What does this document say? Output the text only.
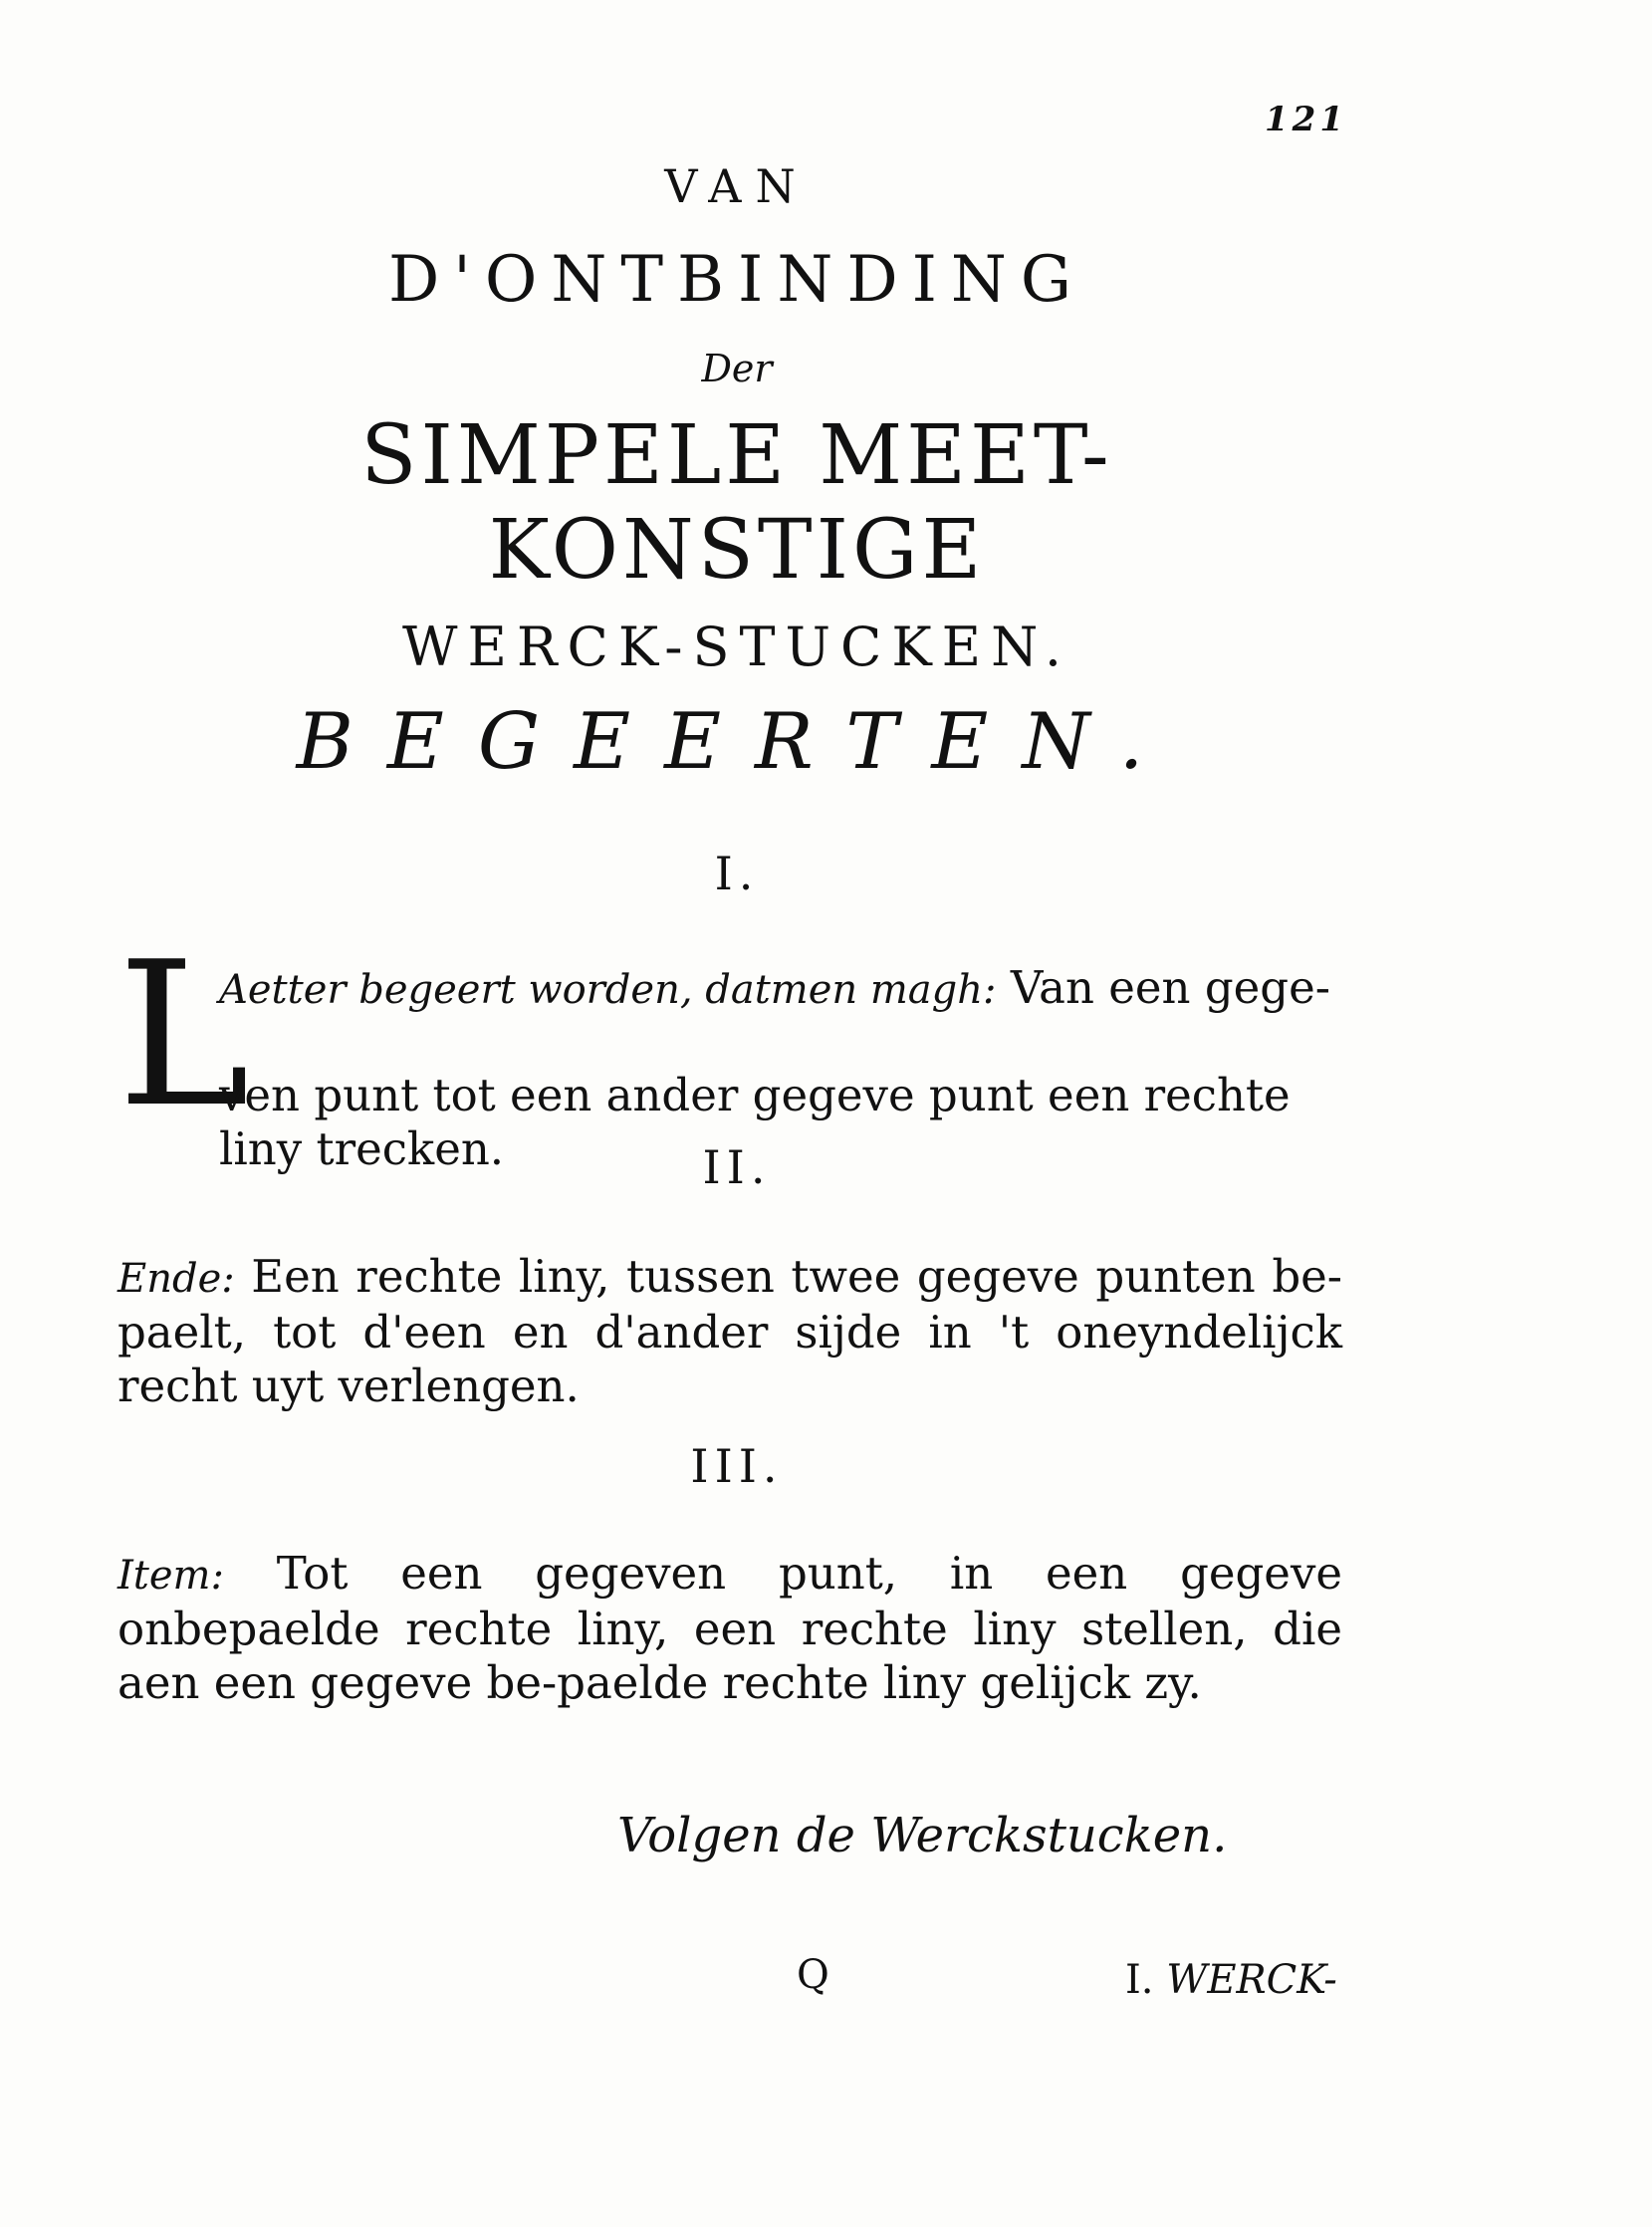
121
VAN
D'ONTBINDING
Der
SIMPELE MEET-KONSTIGE
WERCK-STUCKEN.
BEGEERTEN.
I.
L
Aetter begeert worden, datmen magh: Van een gege-
ven punt tot een ander gegeve punt een rechte liny trecken.	II.
Ende: Een rechte liny, tussen twee gegeve punten be-paelt, tot d'een en d'ander sijde in 't oneyndelijck recht uyt verlengen.
III.
Item: Tot een gegeven punt, in een gegeve onbepaelde rechte liny, een rechte liny stellen, die aen een gegeve be-paelde rechte liny gelijck zy.
Volgen de Werckstucken.
Q	I. WERCK-
